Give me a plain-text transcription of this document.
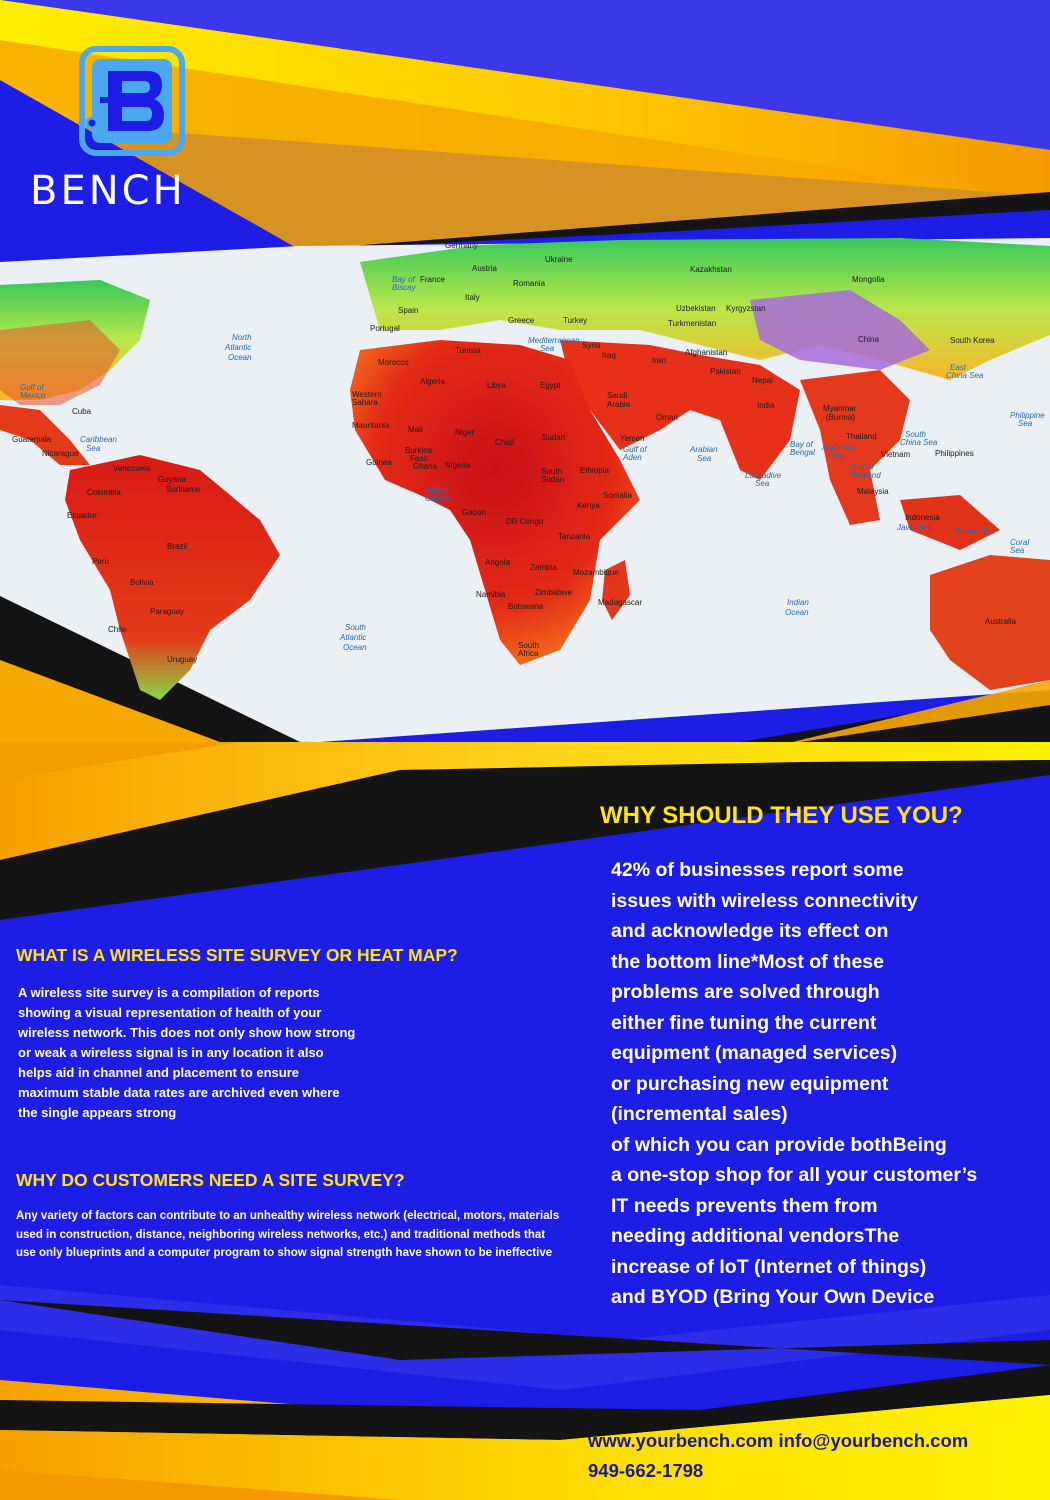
Germany
Ukraine
Kazakhstan
Mongolia
Austria
France	Romania
Italy
Spain
Portugal
Greece	Turkey
Uzbekistan Kyrgyzstan
Turkmenistan
China	South Korea
Syria
Afghanistan
Iraq
Iran
Tunisia
Morocco
Algeria	Libya	Egypt
Saudi
Arabia
Pakistan
Nepal
India
Oman
Myanmar
(Burma)
Mauritania Mali	Niger
Chad
Sudan	Yemen	Thailand
Vietnam	Philippines
Nigeria
Ethiopia
South
Sudan
Somalia	Malaysia
Venezuela
Guyana
Suriname
Colombia
Ecuador
Kenya
DR Congo
Tanzania
Indonesia
Brazil
Peru	Angola
Zambia
Mozambique
Bolivia
Zimbabwe
Namibia
Botswana	Madagascar
Paraguay
Chile
Uruguay
South
Africa
Australia
Cuba
Nicaragua
Guatemala
Gabon
Burkina
Faso
Ghana
Guinea
Western
Sahara
North
Atlantic
Ocean
South
Atlantic
Ocean
Indian
Ocean
Arabian
Sea
Bay of
Bengal
Caribbean
Sea
Gulf of
Mexico
Mediterranean
Sea
South
China Sea
Java Sea	Banda Sea
Coral
Sea
Andaman
Sea
Gulf of
Guinea
Laccadive
Sea
East
China Sea
Philippine
Sea
Gulf of
Thailand
Gulf of
Aden
Bay of
Biscay
BENCH
WHY SHOULD THEY USE YOU?

42% of businesses report some
issues with wireless connectivity
and acknowledge its effect on
the bottom line*Most of these
problems are solved through
either fine tuning the current
equipment (managed services)
or purchasing new equipment
(incremental sales)
of which you can provide bothBeing
a one-stop shop for all your customer’s
IT needs prevents them from
needing additional vendorsThe
increase of IoT (Internet of things)
and BYOD (Bring Your Own Device

WHAT IS A WIRELESS SITE SURVEY OR HEAT MAP?

A wireless site survey is a compilation of reports showing a visual representation of health of your wireless network. This does not only show how strong or weak a wireless signal is in any location it also helps aid in channel and placement to ensure maximum stable data rates are archived even where the single appears strong

WHY DO CUSTOMERS NEED A SITE SURVEY?

Any variety of factors can contribute to an unhealthy wireless network (electrical, motors, materials used in construction, distance, neighboring wireless networks, etc.) and traditional methods that use only blueprints and a computer program to show signal strength have shown to be ineffective

www.yourbench.com info@yourbench.com
949-662-1798
